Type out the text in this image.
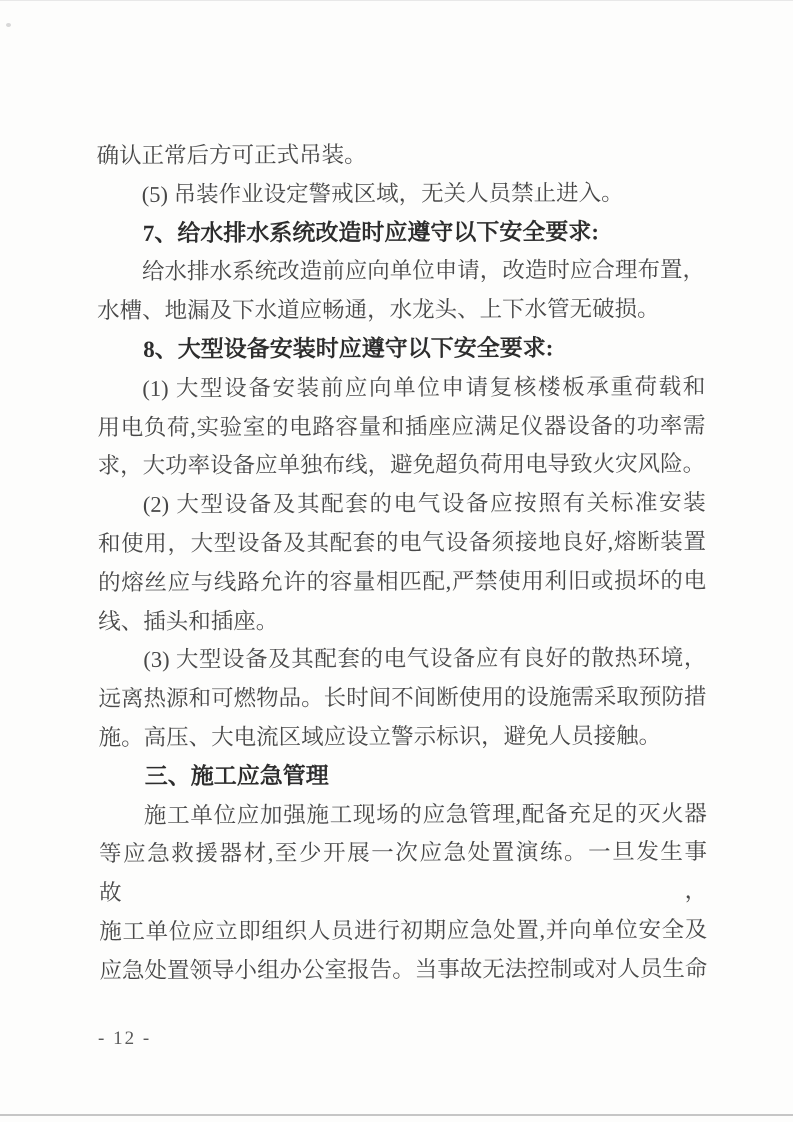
确认正常后方可正式吊装。
(5) 吊装作业设定警戒区域，无关人员禁止进入。
7、给水排水系统改造时应遵守以下安全要求:
给水排水系统改造前应向单位申请，改造时应合理布置，
水槽、地漏及下水道应畅通，水龙头、上下水管无破损。
8、大型设备安装时应遵守以下安全要求:
(1) 大型设备安装前应向单位申请复核楼板承重荷载和
用电负荷,实验室的电路容量和插座应满足仪器设备的功率需
求，大功率设备应单独布线，避免超负荷用电导致火灾风险。
(2) 大型设备及其配套的电气设备应按照有关标准安装
和使用，大型设备及其配套的电气设备须接地良好,熔断装置
的熔丝应与线路允许的容量相匹配,严禁使用利旧或损坏的电
线、插头和插座。
(3) 大型设备及其配套的电气设备应有良好的散热环境，
远离热源和可燃物品。长时间不间断使用的设施需采取预防措
施。高压、大电流区域应设立警示标识，避免人员接触。
三、施工应急管理
施工单位应加强施工现场的应急管理,配备充足的灭火器
等应急救援器材,至少开展一次应急处置演练。一旦发生事故，
施工单位应立即组织人员进行初期应急处置,并向单位安全及
应急处置领导小组办公室报告。当事故无法控制或对人员生命
- 12 -
